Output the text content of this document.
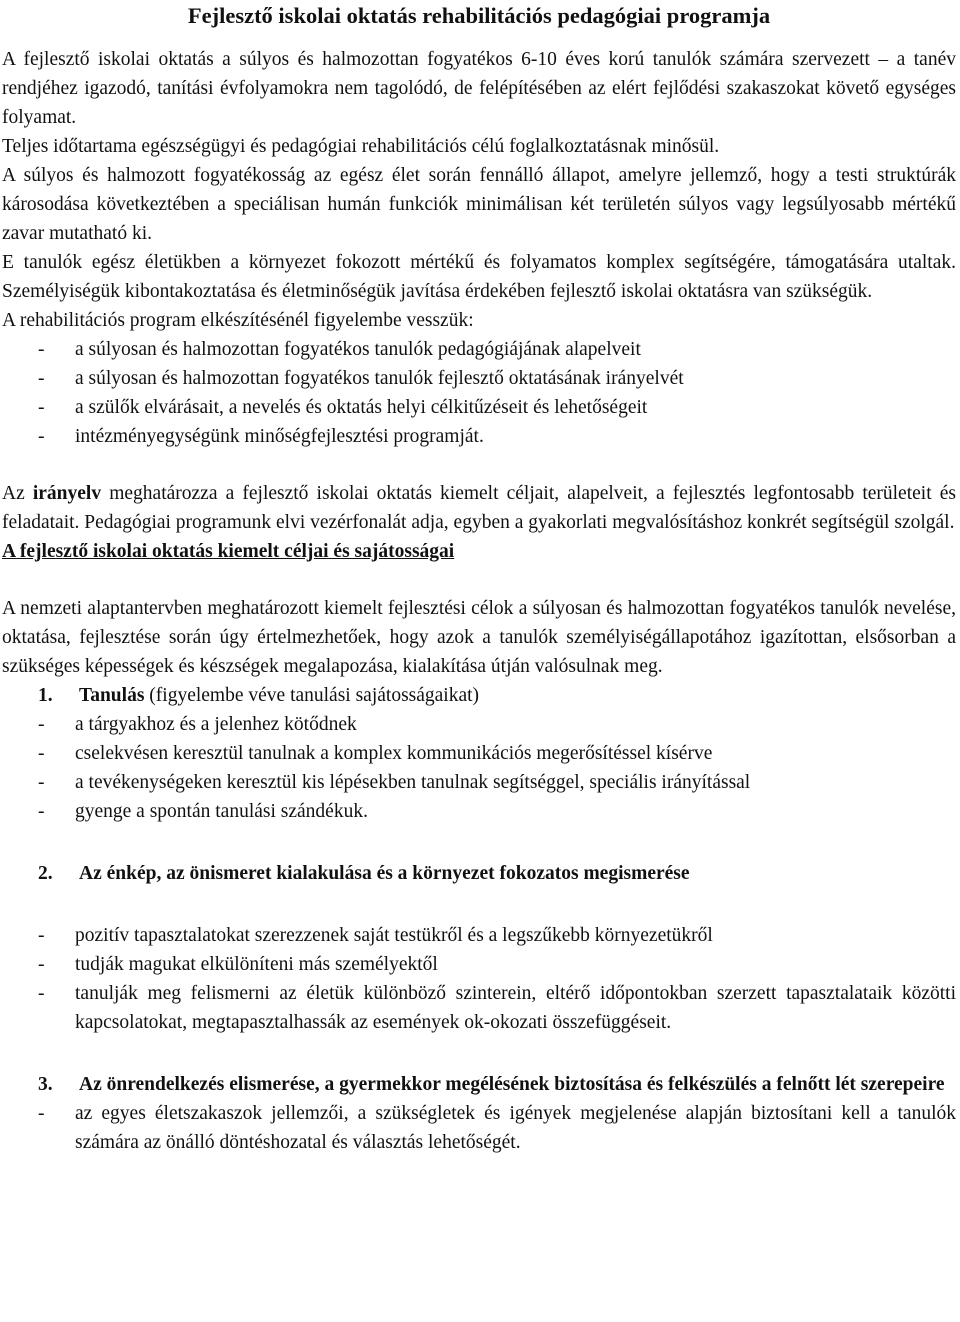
Fejlesztő iskolai oktatás rehabilitációs pedagógiai programja

A fejlesztő iskolai oktatás a súlyos és halmozottan fogyatékos 6-10 éves korú tanulók számára szervezett – a tanév rendjéhez igazodó, tanítási évfolyamokra nem tagolódó, de felépítésében az elért fejlődési szakaszokat követő egységes folyamat.

Teljes időtartama egészségügyi és pedagógiai rehabilitációs célú foglalkoztatásnak minősül.

A súlyos és halmozott fogyatékosság az egész élet során fennálló állapot, amelyre jellemző, hogy a testi struktúrák károsodása következtében a speciálisan humán funkciók minimálisan két területén súlyos vagy legsúlyosabb mértékű zavar mutatható ki.

E tanulók egész életükben a környezet fokozott mértékű és folyamatos komplex segítségére, támogatására utaltak. Személyiségük kibontakoztatása és életminőségük javítása érdekében fejlesztő iskolai oktatásra van szükségük.

A rehabilitációs program elkészítésénél figyelembe vesszük:

- a súlyosan és halmozottan fogyatékos tanulók pedagógiájának alapelveit
- a súlyosan és halmozottan fogyatékos tanulók fejlesztő oktatásának irányelvét
- a szülők elvárásait, a nevelés és oktatás helyi célkitűzéseit és lehetőségeit
- intézményegységünk minőségfejlesztési programját.

Az irányelv meghatározza a fejlesztő iskolai oktatás kiemelt céljait, alapelveit, a fejlesztés legfontosabb területeit és feladatait. Pedagógiai programunk elvi vezérfonalát adja, egyben a gyakorlati megvalósításhoz konkrét segítségül szolgál.

A fejlesztő iskolai oktatás kiemelt céljai és sajátosságai

A nemzeti alaptantervben meghatározott kiemelt fejlesztési célok a súlyosan és halmozottan fogyatékos tanulók nevelése, oktatása, fejlesztése során úgy értelmezhetőek, hogy azok a tanulók személyiségállapotához igazítottan, elsősorban a szükséges képességek és készségek megalapozása, kialakítása útján valósulnak meg.

1. Tanulás (figyelembe véve tanulási sajátosságaikat)

- a tárgyakhoz és a jelenhez kötődnek
- cselekvésen keresztül tanulnak a komplex kommunikációs megerősítéssel kísérve
- a tevékenységeken keresztül kis lépésekben tanulnak segítséggel, speciális irányítással
- gyenge a spontán tanulási szándékuk.

2. Az énkép, az önismeret kialakulása és a környezet fokozatos megismerése

- pozitív tapasztalatokat szerezzenek saját testükről és a legszűkebb környezetükről
- tudják magukat elkülöníteni más személyektől
- tanulják meg felismerni az életük különböző szinterein, eltérő időpontokban szerzett tapasztalataik közötti kapcsolatokat, megtapasztalhassák az események ok-okozati összefüggéseit.

3. Az önrendelkezés elismerése, a gyermekkor megélésének biztosítása és felkészülés a felnőtt lét szerepeire

- az egyes életszakaszok jellemzői, a szükségletek és igények megjelenése alapján biztosítani kell a tanulók számára az önálló döntéshozatal és választás lehetőségét.
